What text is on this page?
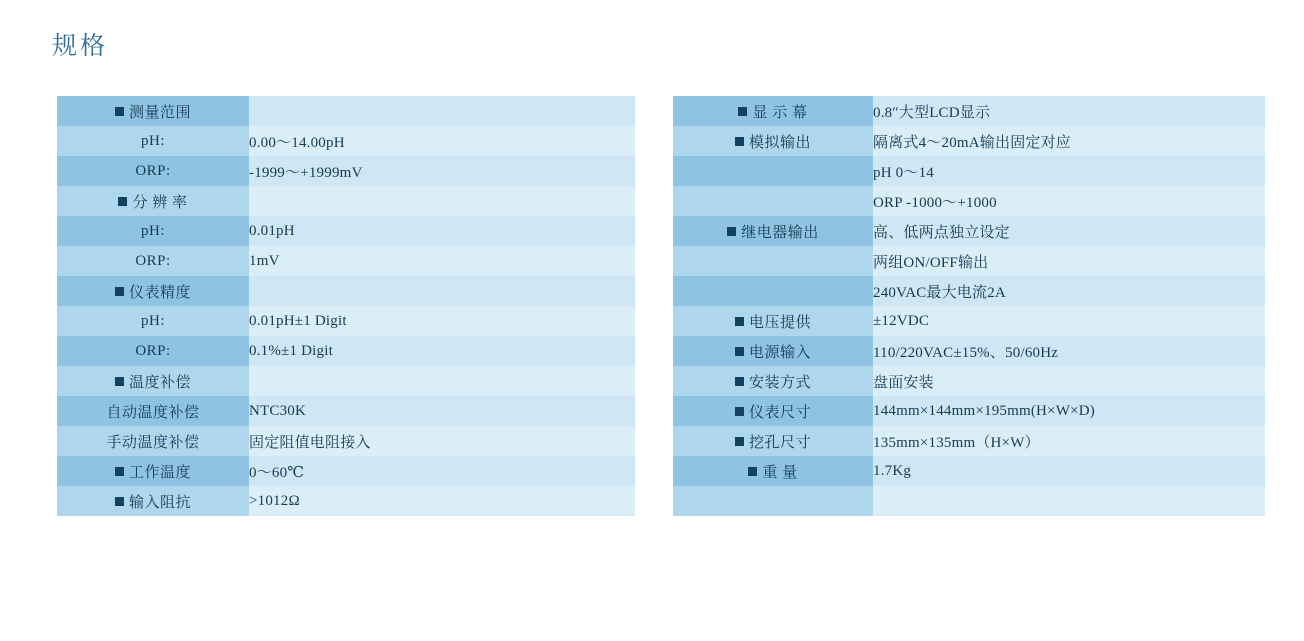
规格
测量范围	
pH:	0.00～14.00pH
ORP:	-1999～+1999mV
分 辨 率	
pH:	0.01pH
ORP:	1mV
仪表精度	
pH:	0.01pH±1 Digit
ORP:	0.1%±1 Digit
温度补偿	
自动温度补偿	NTC30K
手动温度补偿	固定阻值电阻接入
工作温度	0～60℃
输入阻抗	>1012Ω
显 示 幕	0.8″大型LCD显示
模拟输出	隔离式4～20mA输出固定对应
	pH 0～14
	ORP -1000～+1000
继电器输出	高、低两点独立设定
	两组ON/OFF输出
	240VAC最大电流2A
电压提供	±12VDC
电源输入	110/220VAC±15%、50/60Hz
安装方式	盘面安装
仪表尺寸	144mm×144mm×195mm(H×W×D)
挖孔尺寸	135mm×135mm（H×W）
重 量	1.7Kg
